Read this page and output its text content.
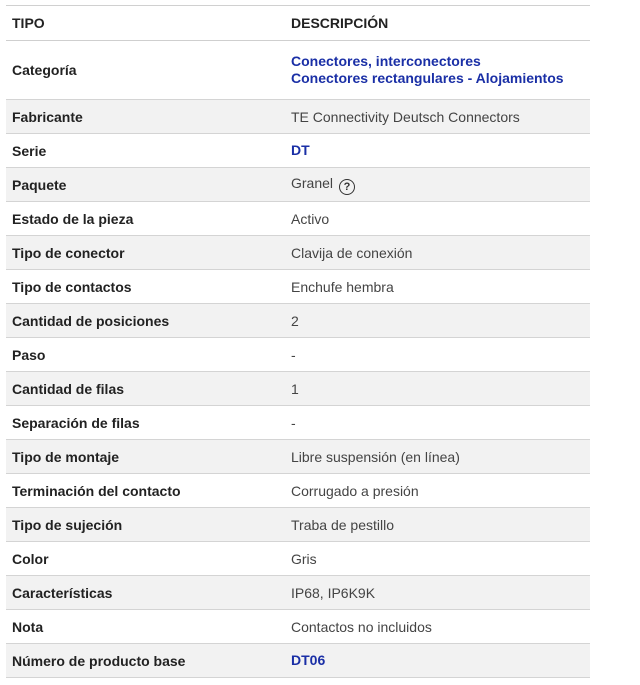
TIPO	DESCRIPCIÓN
Categoría	Conectores, interconectores
Conectores rectangulares - Alojamientos

Fabricante	TE Connectivity Deutsch Connectors
Serie	DT

Paquete	Granel ?
Estado de la pieza	Activo
Tipo de conector	Clavija de conexión
Tipo de contactos	Enchufe hembra
Cantidad de posiciones	2
Paso	-
Cantidad de filas	1
Separación de filas	-
Tipo de montaje	Libre suspensión (en línea)
Terminación del contacto	Corrugado a presión
Tipo de sujeción	Traba de pestillo
Color	Gris
Características	IP68, IP6K9K
Nota	Contactos no incluidos
Número de producto base	DT06
